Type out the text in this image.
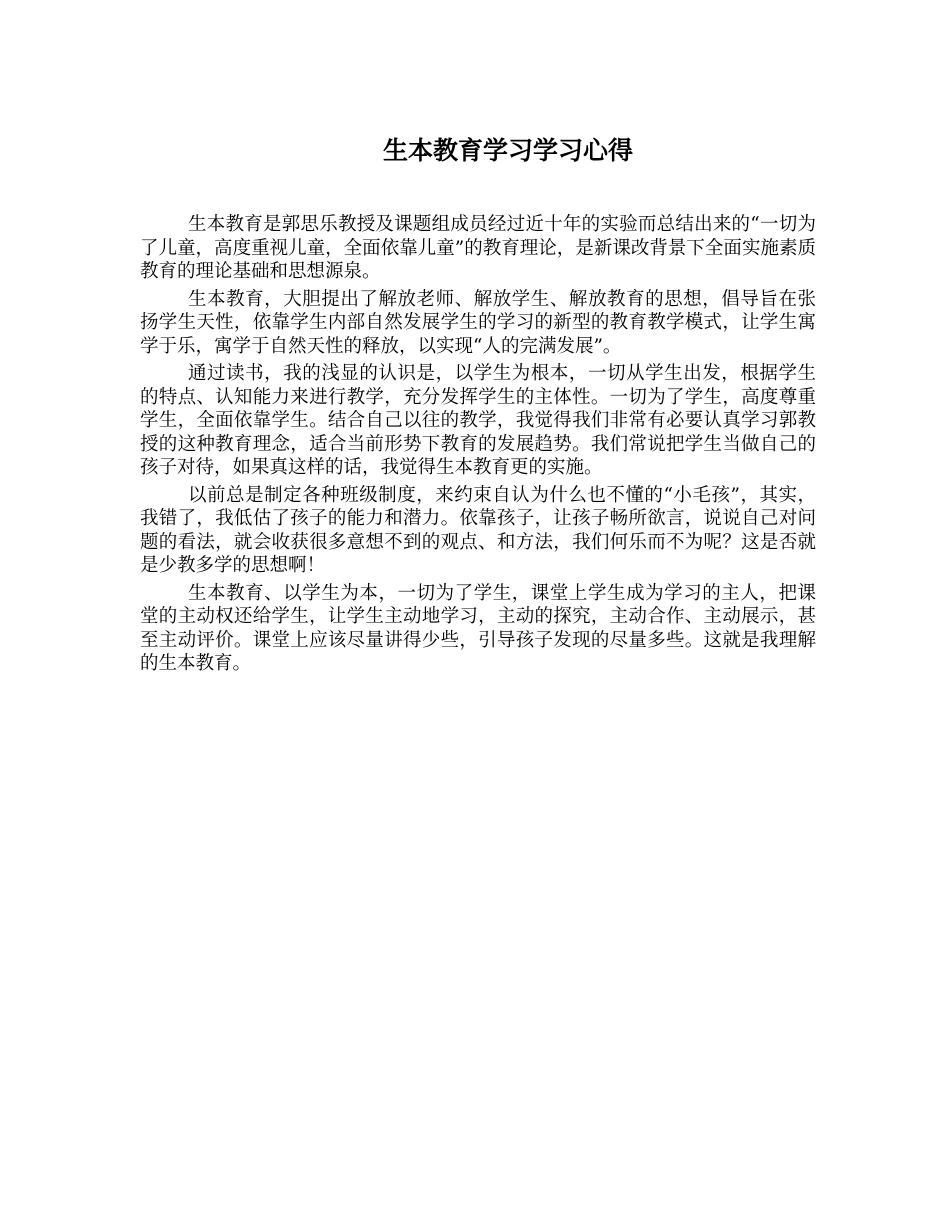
生本教育学习学习心得

生本教育是郭思乐教授及课题组成员经过近十年的实验而总结出来的“一切为了儿童，高度重视儿童，全面依靠儿童”的教育理论，是新课改背景下全面实施素质教育的理论基础和思想源泉。

生本教育，大胆提出了解放老师、解放学生、解放教育的思想，倡导旨在张扬学生天性，依靠学生内部自然发展学生的学习的新型的教育教学模式，让学生寓学于乐，寓学于自然天性的释放，以实现“人的完满发展”。

通过读书，我的浅显的认识是，以学生为根本，一切从学生出发，根据学生的特点、认知能力来进行教学，充分发挥学生的主体性。一切为了学生，高度尊重学生，全面依靠学生。结合自己以往的教学，我觉得我们非常有必要认真学习郭教授的这种教育理念，适合当前形势下教育的发展趋势。我们常说把学生当做自己的孩子对待，如果真这样的话，我觉得生本教育更的实施。

以前总是制定各种班级制度，来约束自认为什么也不懂的“小毛孩”，其实，我错了，我低估了孩子的能力和潜力。依靠孩子，让孩子畅所欲言，说说自己对问题的看法，就会收获很多意想不到的观点、和方法，我们何乐而不为呢？这是否就是少教多学的思想啊！

生本教育、以学生为本，一切为了学生，课堂上学生成为学习的主人，把课堂的主动权还给学生，让学生主动地学习，主动的探究，主动合作、主动展示，甚至主动评价。课堂上应该尽量讲得少些，引导孩子发现的尽量多些。这就是我理解的生本教育。
